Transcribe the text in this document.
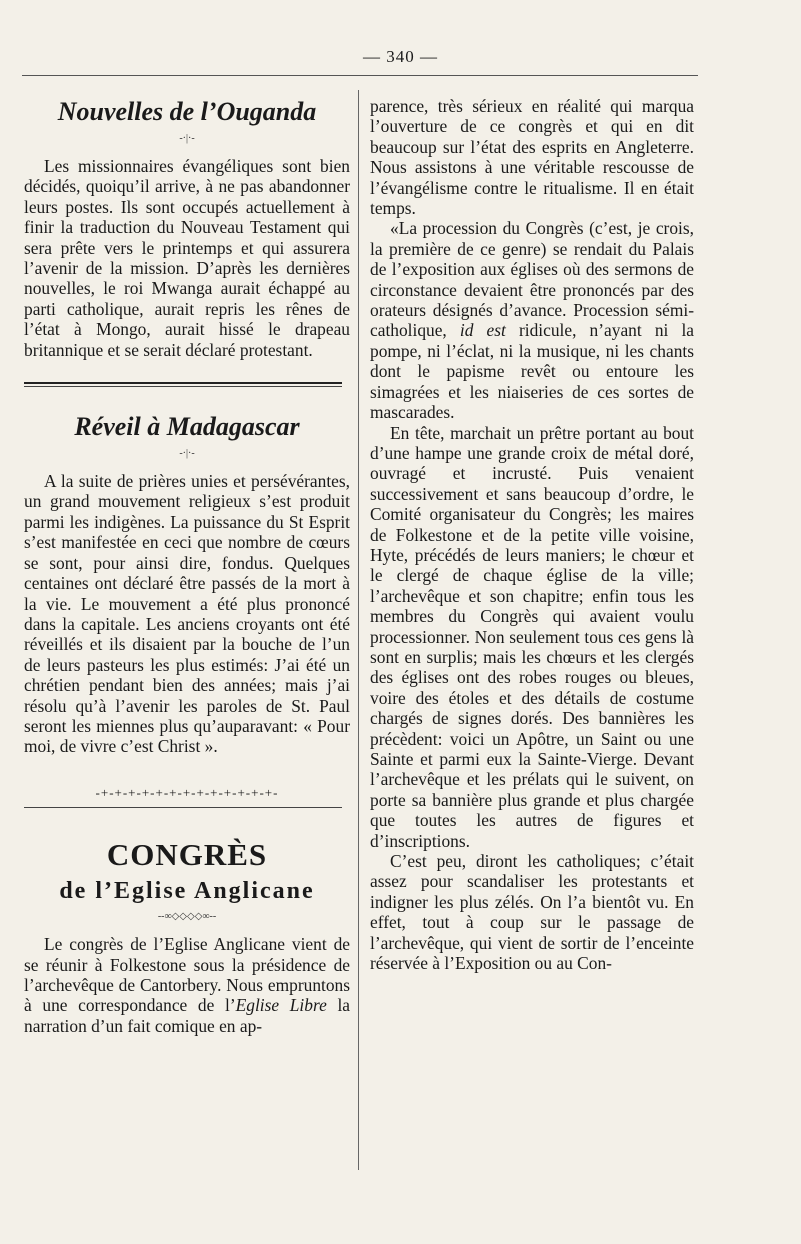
— 340 —
Nouvelles de l’Ouganda
-·|·-

Les missionnaires évangéliques sont bien décidés, quoiqu’il arrive, à ne pas abandonner leurs postes. Ils sont occupés actuellement à finir la traduction du Nouveau Testament qui sera prête vers le printemps et qui assurera l’avenir de la mission. D’après les dernières nouvelles, le roi Mwanga aurait échappé au parti catholique, aurait repris les rênes de l’état à Mongo, aurait hissé le drapeau britannique et se serait déclaré protestant.

Réveil à Madagascar
-·|·-

A la suite de prières unies et persévérantes, un grand mouvement religieux s’est produit parmi les indigènes. La puissance du St Esprit s’est manifestée en ceci que nombre de cœurs se sont, pour ainsi dire, fondus. Quelques centaines ont déclaré être passés de la mort à la vie. Le mouvement a été plus prononcé dans la capitale. Les anciens croyants ont été réveillés et ils disaient par la bouche de l’un de leurs pasteurs les plus estimés: J’ai été un chrétien pendant bien des années; mais j’ai résolu qu’à l’avenir les paroles de St. Paul seront les miennes plus qu’auparavant: « Pour moi, de vivre c’est Christ ».

-+-+-+-+-+-+-+-+-+-+-+-+-+-
CONGRÈS
de l’Eglise Anglicane
--∞◇◇◇◇∞--

Le congrès de l’Eglise Anglicane vient de se réunir à Folkestone sous la présidence de l’archevêque de Cantorbery. Nous empruntons à une correspondance de l’Eglise Libre la narration d’un fait comique en ap-

parence, très sérieux en réalité qui marqua l’ouverture de ce congrès et qui en dit beaucoup sur l’état des esprits en Angleterre. Nous assistons à une véritable rescousse de l’évangélisme contre le ritualisme. Il en était temps.

«La procession du Congrès (c’est, je crois, la première de ce genre) se rendait du Palais de l’exposition aux églises où des sermons de circonstance devaient être prononcés par des orateurs désignés d’avance. Procession sémi-catholique, id est ridicule, n’ayant ni la pompe, ni l’éclat, ni la musique, ni les chants dont le papisme revêt ou entoure les simagrées et les niaiseries de ces sortes de mascarades.

En tête, marchait un prêtre portant au bout d’une hampe une grande croix de métal doré, ouvragé et incrusté. Puis venaient successivement et sans beaucoup d’ordre, le Comité organisateur du Congrès; les maires de Folkestone et de la petite ville voisine, Hyte, précédés de leurs maniers; le chœur et le clergé de chaque église de la ville; l’archevêque et son chapitre; enfin tous les membres du Congrès qui avaient voulu processionner. Non seulement tous ces gens là sont en surplis; mais les chœurs et les clergés des églises ont des robes rouges ou bleues, voire des étoles et des détails de costume chargés de signes dorés. Des bannières les précèdent: voici un Apôtre, un Saint ou une Sainte et parmi eux la Sainte-Vierge. Devant l’archevêque et les prélats qui le suivent, on porte sa bannière plus grande et plus chargée que toutes les autres de figures et d’inscriptions.

C’est peu, diront les catholiques; c’était assez pour scandaliser les protestants et indigner les plus zélés. On l’a bientôt vu. En effet, tout à coup sur le passage de l’archevêque, qui vient de sortir de l’enceinte réservée à l’Exposition ou au Con-
